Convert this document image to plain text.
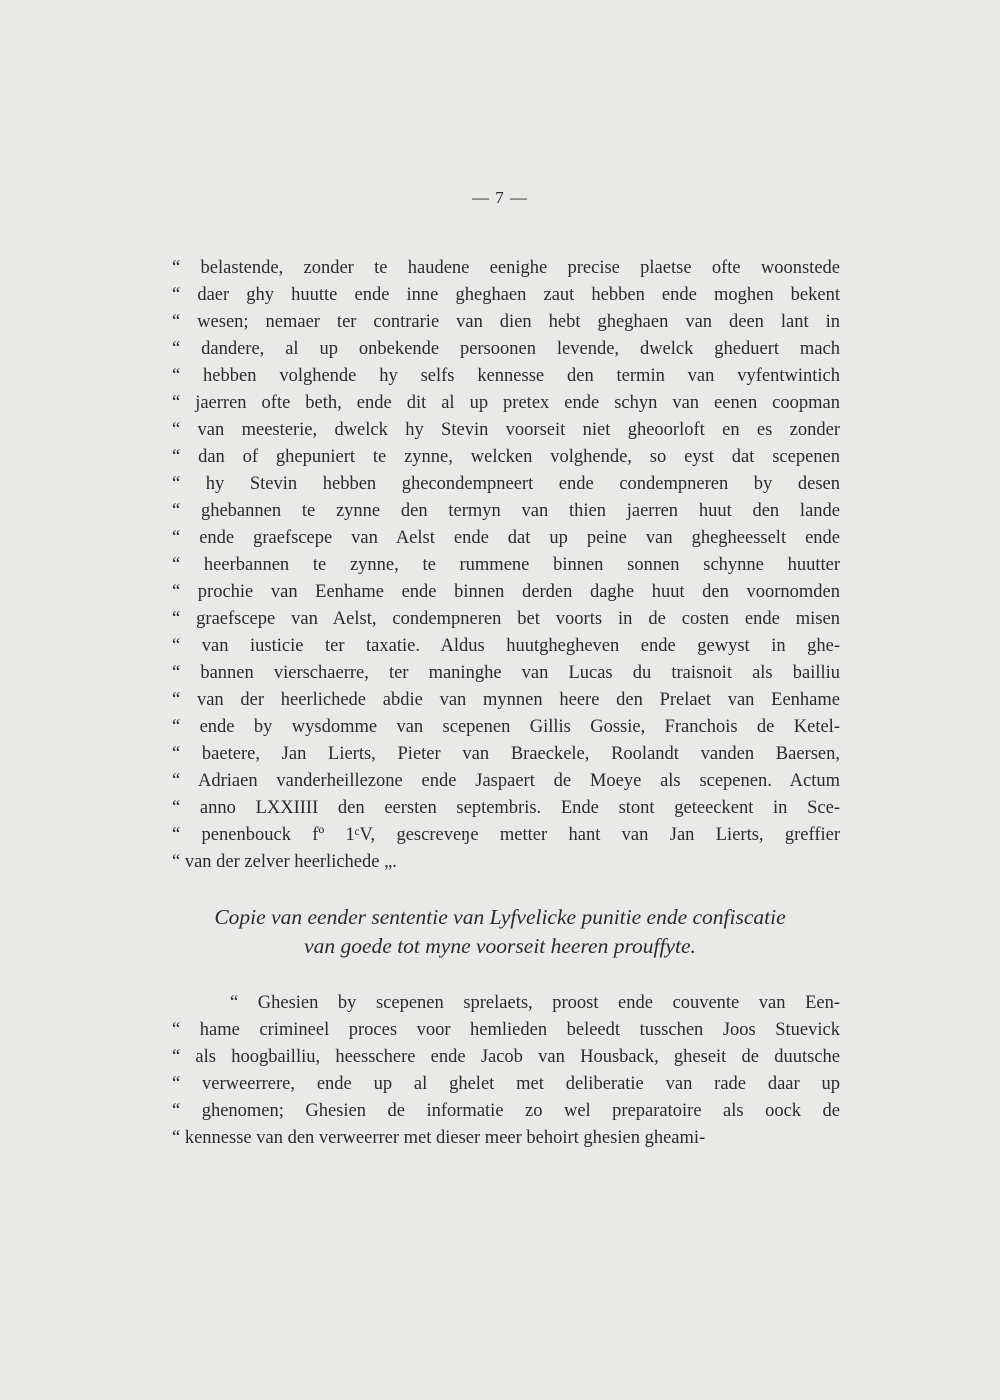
— 7 —
“ belastende, zonder te haudene eenighe precise plaetse ofte woonstede
“ daer ghy huutte ende inne gheghaen zaut hebben ende moghen bekent
“ wesen; nemaer ter contrarie van dien hebt gheghaen van deen lant in
“ dandere, al up onbekende persoonen levende, dwelck gheduert mach
“ hebben volghende hy selfs kennesse den termin van vyfentwintich
“ jaerren ofte beth, ende dit al up pretex ende schyn van eenen coopman
“ van meesterie, dwelck hy Stevin voorseit niet gheoorloft en es zonder
“ dan of ghepuniert te zynne, welcken volghende, so eyst dat scepenen
“ hy Stevin hebben ghecondempneert ende condempneren by desen
“ ghebannen te zynne den termyn van thien jaerren huut den lande
“ ende graefscepe van Aelst ende dat up peine van ghegheesselt ende
“ heerbannen te zynne, te rummene binnen sonnen schynne huutter
“ prochie van Eenhame ende binnen derden daghe huut den voornomden
“ graefscepe van Aelst, condempneren bet voorts in de costen ende misen
“ van iusticie ter taxatie. Aldus huutghegheven ende gewyst in ghe-
“ bannen vierschaerre, ter maninghe van Lucas du traisnoit als bailliu
“ van der heerlichede abdie van mynnen heere den Prelaet van Eenhame
“ ende by wysdomme van scepenen Gillis Gossie, Franchois de Ketel-
“ baetere, Jan Lierts, Pieter van Braeckele, Roolandt vanden Baersen,
“ Adriaen vanderheillezone ende Jaspaert de Moeye als scepenen. Actum
“ anno LXXIIII den eersten septembris. Ende stont geteeckent in Sce-
“ penenbouck fº 1ᶜV, gescreveŋe metter hant van Jan Lierts, greffier
“ van der zelver heerlichede „.
Copie van eender sententie van Lyfvelicke punitie ende confiscatie
van goede tot myne voorseit heeren prouffyte.
“ Ghesien by scepenen sprelaets, proost ende couvente van Een-
“ hame crimineel proces voor hemlieden beleedt tusschen Joos Stuevick
“ als hoogbailliu, heesschere ende Jacob van Housback, gheseit de duutsche
“ verweerrere, ende up al ghelet met deliberatie van rade daar up
“ ghenomen; Ghesien de informatie zo wel preparatoire als oock de
“ kennesse van den verweerrer met dieser meer behoirt ghesien gheami-
